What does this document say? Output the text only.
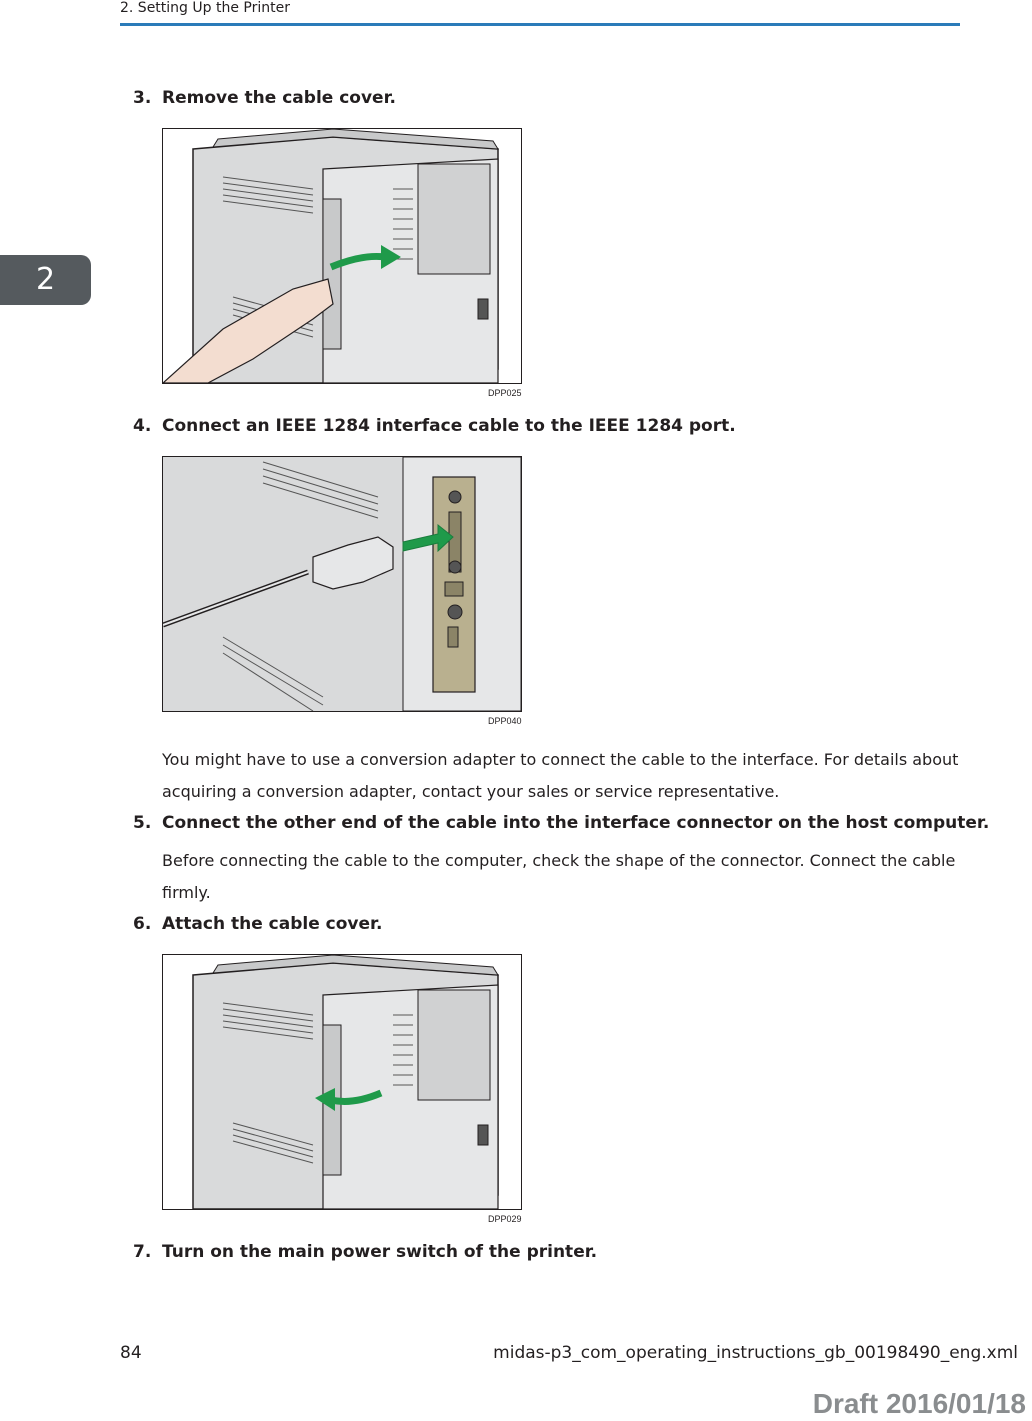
2. Setting Up the Printer
2
3. Remove the cable cover.
DPP025
4. Connect an IEEE 1284 interface cable to the IEEE 1284 port.
DPP040
You might have to use a conversion adapter to connect the cable to the interface. For details about acquiring a conversion adapter, contact your sales or service representative.
5. Connect the other end of the cable into the interface connector on the host computer.
Before connecting the cable to the computer, check the shape of the connector. Connect the cable firmly.
6. Attach the cable cover.
DPP029
7. Turn on the main power switch of the printer.
84	midas-p3_com_operating_instructions_gb_00198490_eng.xml
Draft 2016/01/18
